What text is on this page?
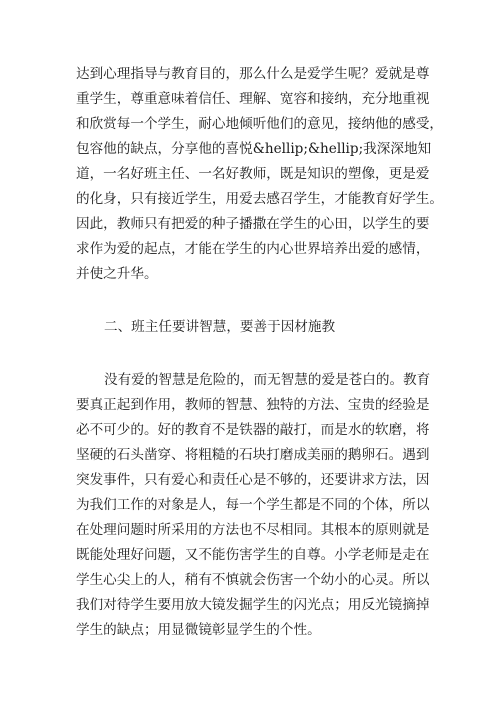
达到心理指导与教育目的，那么什么是爱学生呢？爱就是尊
重学生，尊重意味着信任、理解、宽容和接纳，充分地重视
和欣赏每一个学生，耐心地倾听他们的意见，接纳他的感受，
包容他的缺点，分享他的喜悦&hellip;&hellip;我深深地知
道，一名好班主任、一名好教师，既是知识的塑像，更是爱
的化身，只有接近学生，用爱去感召学生，才能教育好学生。
因此，教师只有把爱的种子播撒在学生的心田，以学生的要
求作为爱的起点，才能在学生的内心世界培养出爱的感情，
并使之升华。
二、班主任要讲智慧，要善于因材施教
没有爱的智慧是危险的，而无智慧的爱是苍白的。教育
要真正起到作用，教师的智慧、独特的方法、宝贵的经验是
必不可少的。好的教育不是铁器的敲打，而是水的软磨，将
坚硬的石头凿穿、将粗糙的石块打磨成美丽的鹅卵石。遇到
突发事件，只有爱心和责任心是不够的，还要讲求方法，因
为我们工作的对象是人，每一个学生都是不同的个体，所以
在处理问题时所采用的方法也不尽相同。其根本的原则就是
既能处理好问题，又不能伤害学生的自尊。小学老师是走在
学生心尖上的人，稍有不慎就会伤害一个幼小的心灵。所以
我们对待学生要用放大镜发掘学生的闪光点；用反光镜摘掉
学生的缺点；用显微镜彰显学生的个性。
